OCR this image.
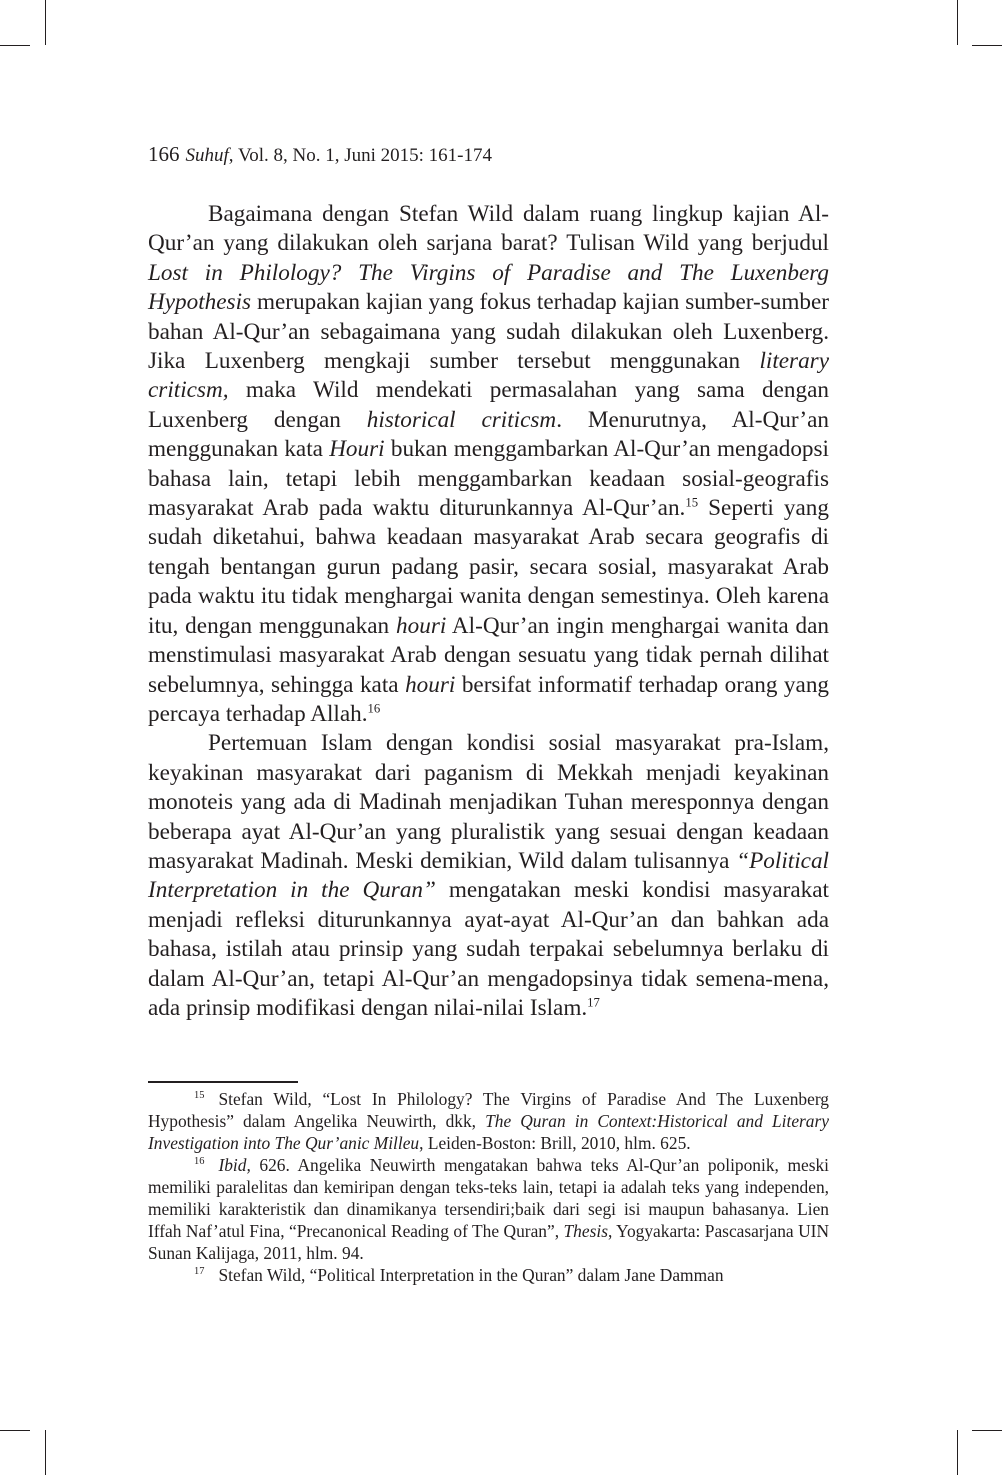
166 Suhuf, Vol. 8, No. 1, Juni 2015: 161-174

Bagaimana dengan Stefan Wild dalam ruang lingkup kajian Al-Qur’an yang dilakukan oleh sarjana barat? Tulisan Wild yang berjudul Lost in Philology? The Virgins of Paradise and The Luxenberg Hypothesis merupakan kajian yang fokus terhadap kajian sumber-sumber bahan Al-Qur’an sebagaimana yang sudah dilakukan oleh Luxenberg. Jika Luxenberg mengkaji sumber tersebut menggunakan literary criticsm, maka Wild mendekati permasalahan yang sama dengan Luxenberg dengan historical criticsm. Menurutnya, Al-Qur’an menggunakan kata Houri bukan menggambarkan Al-Qur’an mengadopsi bahasa lain, tetapi lebih menggambarkan keadaan sosial-geografis masyarakat Arab pada waktu diturunkannya Al-Qur’an.$^{15}$ Seperti yang sudah diketahui, bahwa keadaan masyarakat Arab secara geografis di tengah bentangan gurun padang pasir, secara sosial, masyarakat Arab pada waktu itu tidak menghargai wanita dengan semestinya. Oleh karena itu, dengan menggunakan houri Al-Qur’an ingin menghargai wanita dan menstimulasi masyarakat Arab dengan sesuatu yang tidak pernah dilihat sebelumnya, sehingga kata houri bersifat informatif terhadap orang yang percaya terhadap Allah.$^{16}$

Pertemuan Islam dengan kondisi sosial masyarakat pra-Islam, keyakinan masyarakat dari paganism di Mekkah menjadi keyakinan monoteis yang ada di Madinah menjadikan Tuhan meresponnya dengan beberapa ayat Al-Qur’an yang pluralistik yang sesuai dengan keadaan masyarakat Madinah. Meski demikian, Wild dalam tulisannya “Political Interpretation in the Quran” mengatakan meski kondisi masyarakat menjadi refleksi diturunkannya ayat-ayat Al-Qur’an dan bahkan ada bahasa, istilah atau prinsip yang sudah terpakai sebelumnya berlaku di dalam Al-Qur’an, tetapi Al-Qur’an mengadopsinya tidak semena-mena, ada prinsip modifikasi dengan nilai-nilai Islam.$^{17}$

$^{15}$ Stefan Wild, “Lost In Philology? The Virgins of Paradise And The Luxenberg Hypothesis” dalam Angelika Neuwirth, dkk, The Quran in Context:Historical and Literary Investigation into The Qur’anic Milleu, Leiden-Boston: Brill, 2010, hlm. 625.

$^{16}$ Ibid, 626. Angelika Neuwirth mengatakan bahwa teks Al-Qur’an poliponik, meski memiliki paralelitas dan kemiripan dengan teks-teks lain, tetapi ia adalah teks yang independen, memiliki karakteristik dan dinamikanya tersendiri;baik dari segi isi maupun bahasanya. Lien Iffah Naf’atul Fina, “Precanonical Reading of The Quran”, Thesis, Yogyakarta: Pascasarjana UIN Sunan Kalijaga, 2011, hlm. 94.

$^{17}$ Stefan Wild, “Political Interpretation in the Quran” dalam Jane Damman
